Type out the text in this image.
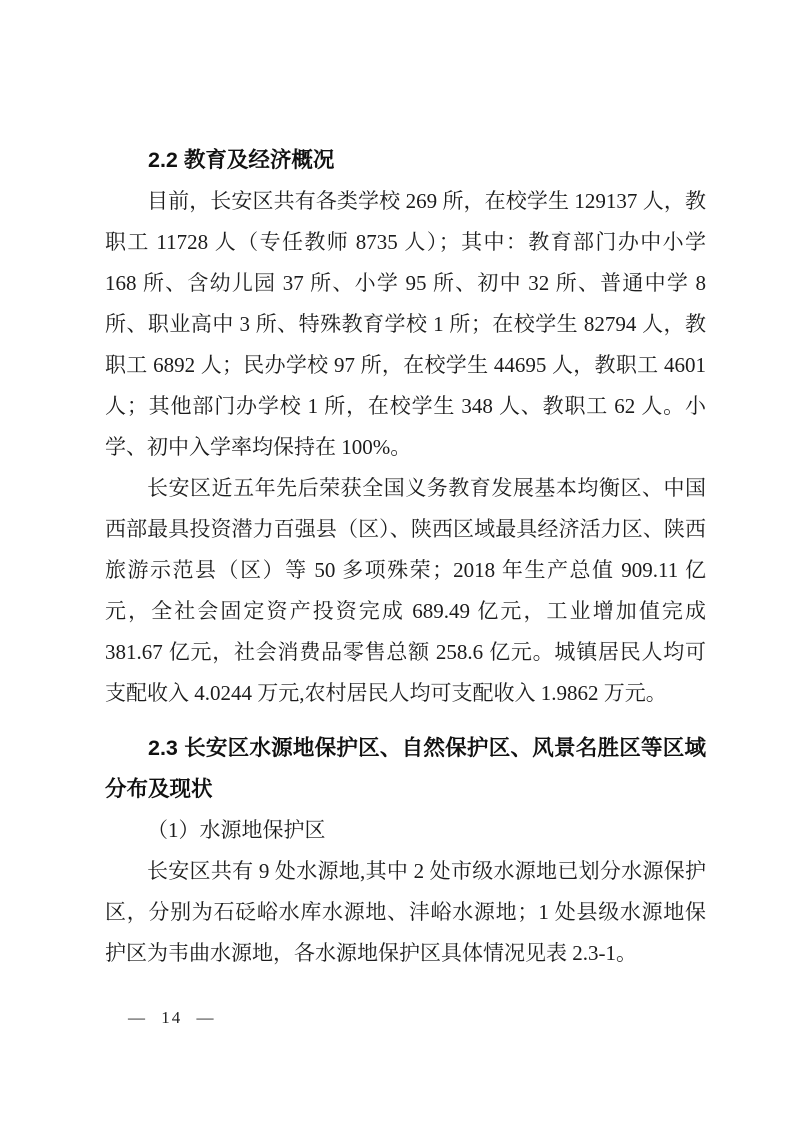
2.2 教育及经济概况

目前，长安区共有各类学校 269 所，在校学生 129137 人，教职工 11728 人（专任教师 8735 人）；其中：教育部门办中小学 168 所、含幼儿园 37 所、小学 95 所、初中 32 所、普通中学 8 所、职业高中 3 所、特殊教育学校 1 所；在校学生 82794 人，教职工 6892 人；民办学校 97 所，在校学生 44695 人，教职工 4601 人；其他部门办学校 1 所，在校学生 348 人、教职工 62 人。小学、初中入学率均保持在 100%。

长安区近五年先后荣获全国义务教育发展基本均衡区、中国西部最具投资潜力百强县（区）、陕西区域最具经济活力区、陕西旅游示范县（区）等 50 多项殊荣；2018 年生产总值 909.11 亿元，全社会固定资产投资完成 689.49 亿元，工业增加值完成 381.67 亿元，社会消费品零售总额 258.6 亿元。城镇居民人均可支配收入 4.0244 万元,农村居民人均可支配收入 1.9862 万元。

2.3 长安区水源地保护区、自然保护区、风景名胜区等区域分布及现状

（1）水源地保护区

长安区共有 9 处水源地,其中 2 处市级水源地已划分水源保护区，分别为石砭峪水库水源地、沣峪水源地；1 处县级水源地保护区为韦曲水源地，各水源地保护区具体情况见表 2.3-1。

— 14 —
